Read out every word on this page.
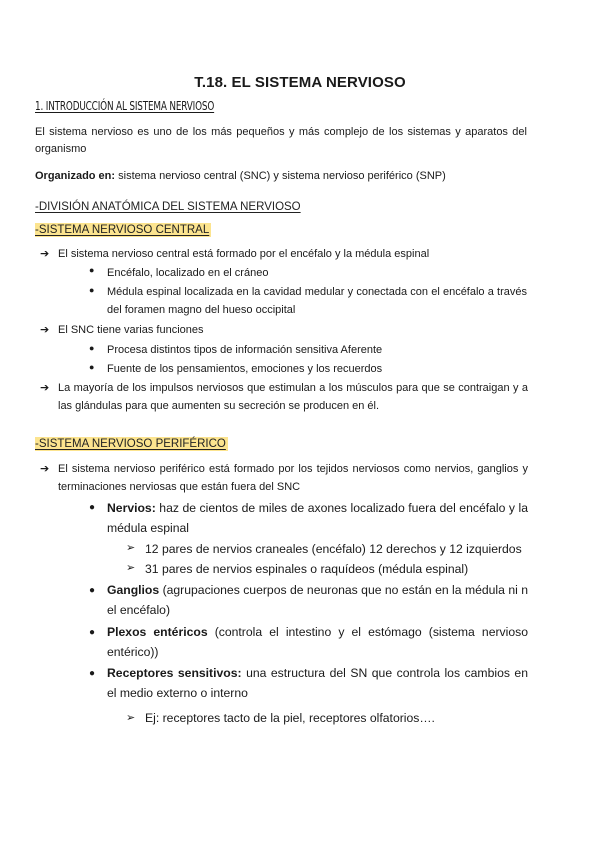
T.18. EL SISTEMA NERVIOSO
1. INTRODUCCIÓN AL SISTEMA NERVIOSO
El sistema nervioso es uno de los más pequeños y más complejo de los sistemas y aparatos del organismo
Organizado en: sistema nervioso central (SNC) y sistema nervioso periférico (SNP)
-DIVISIÓN ANATÓMICA DEL SISTEMA NERVIOSO
-SISTEMA NERVIOSO CENTRAL
➔ El sistema nervioso central está formado por el encéfalo y la médula espinal
● Encéfalo, localizado en el cráneo
● Médula espinal localizada en la cavidad medular y conectada con el encéfalo a través del foramen magno del hueso occipital
➔ El SNC tiene varias funciones
● Procesa distintos tipos de información sensitiva Aferente
● Fuente de los pensamientos, emociones y los recuerdos
➔ La mayoría de los impulsos nerviosos que estimulan a los músculos para que se contraigan y a las glándulas para que aumenten su secreción se producen en él.
-SISTEMA NERVIOSO PERIFÉRICO
➔ El sistema nervioso periférico está formado por los tejidos nerviosos como nervios, ganglios y terminaciones nerviosas que están fuera del SNC
● Nervios: haz de cientos de miles de axones localizado fuera del encéfalo y la médula espinal
➢ 12 pares de nervios craneales (encéfalo) 12 derechos y 12 izquierdos
➢ 31 pares de nervios espinales o raquídeos (médula espinal)
● Ganglios (agrupaciones cuerpos de neuronas que no están en la médula ni n el encéfalo)
● Plexos entéricos (controla el intestino y el estómago (sistema nervioso entérico))
● Receptores sensitivos: una estructura del SN que controla los cambios en el medio externo o interno
➢ Ej: receptores tacto de la piel, receptores olfatorios….
